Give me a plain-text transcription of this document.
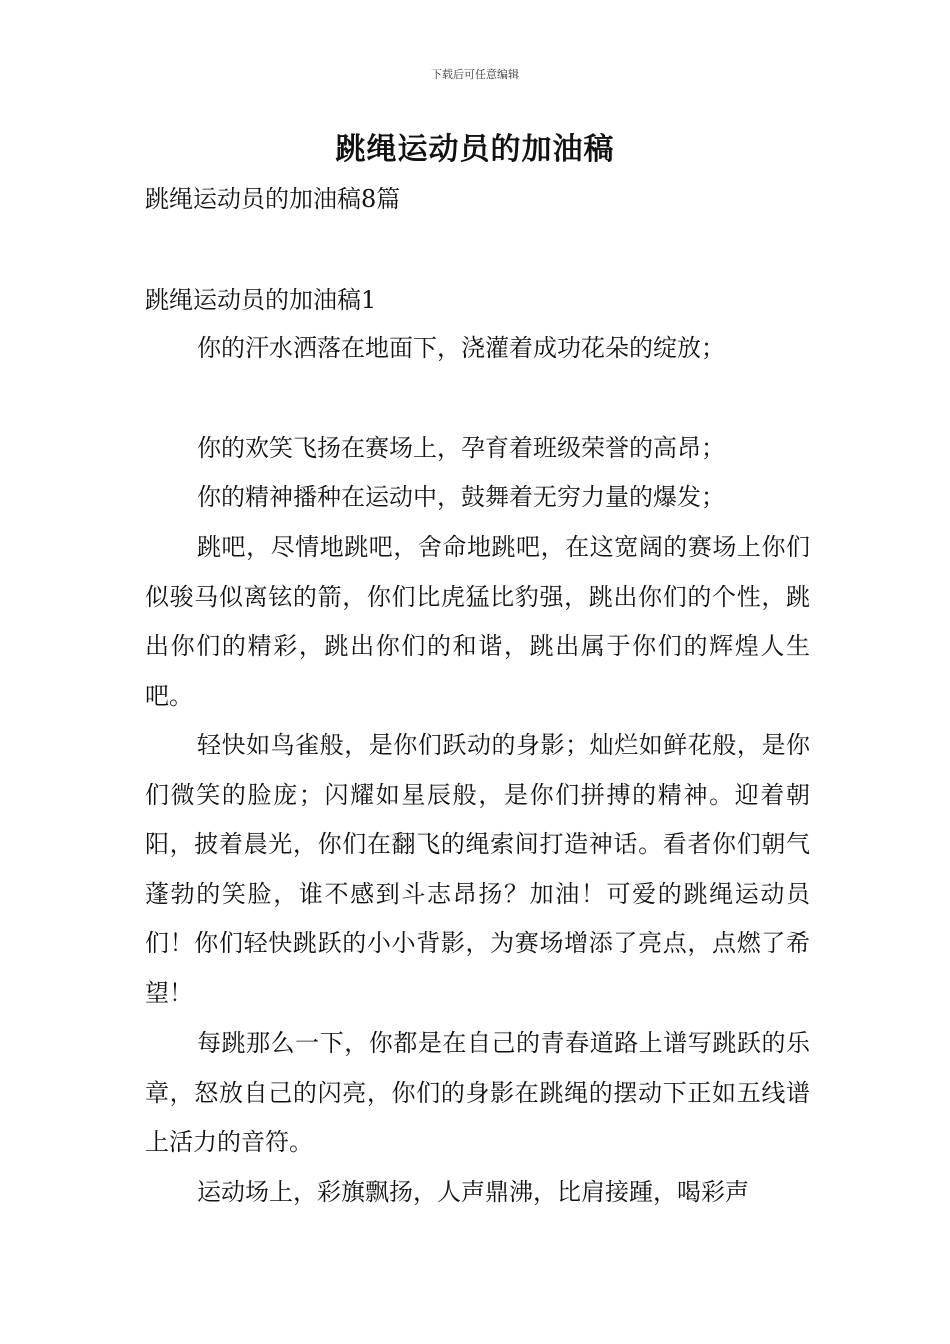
下载后可任意编辑
跳绳运动员的加油稿
跳绳运动员的加油稿8篇
跳绳运动员的加油稿1

你的汗水洒落在地面下，浇灌着成功花朵的绽放；

你的欢笑飞扬在赛场上，孕育着班级荣誉的高昂；

你的精神播种在运动中，鼓舞着无穷力量的爆发；

跳吧，尽情地跳吧，舍命地跳吧，在这宽阔的赛场上你们似骏马似离铉的箭，你们比虎猛比豹强，跳出你们的个性，跳出你们的精彩，跳出你们的和谐，跳出属于你们的辉煌人生吧。

轻快如鸟雀般，是你们跃动的身影；灿烂如鲜花般，是你们微笑的脸庞；闪耀如星辰般，是你们拼搏的精神。迎着朝阳，披着晨光，你们在翻飞的绳索间打造神话。看者你们朝气蓬勃的笑脸，谁不感到斗志昂扬？加油！可爱的跳绳运动员们！你们轻快跳跃的小小背影，为赛场增添了亮点，点燃了希望！

每跳那么一下，你都是在自己的青春道路上谱写跳跃的乐章，怒放自己的闪亮，你们的身影在跳绳的摆动下正如五线谱上活力的音符。

运动场上，彩旗飘扬，人声鼎沸，比肩接踵，喝彩声
